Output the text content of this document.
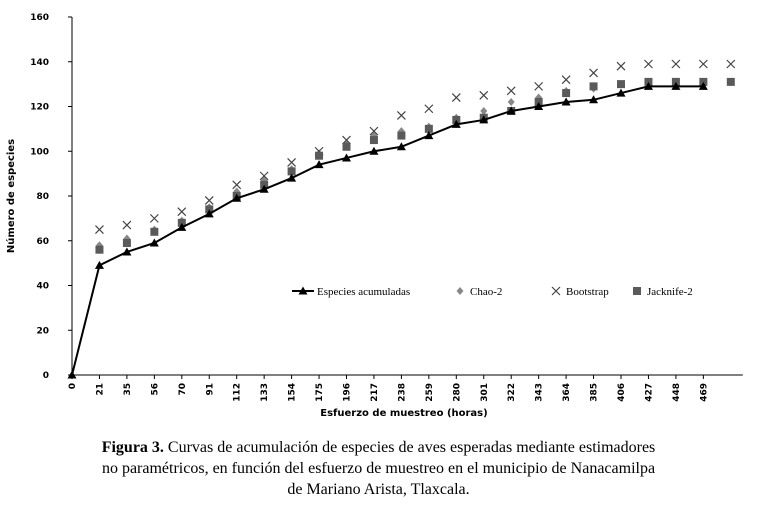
0
20
40
60
80
100
120
140
160
0 21 35 56 70 91 112 133 154 175 196 217 238 259 280 301 322 343 364 385 406 427 448 469
Número de especies
Esfuerzo de muestreo (horas)
Especies acumuladas	Chao-2	Bootstrap	Jacknife-2
Figura 3. Curvas de acumulación de especies de aves esperadas mediante estimadores
no paramétricos, en función del esfuerzo de muestreo en el municipio de Nanacamilpa
de Mariano Arista, Tlaxcala.
